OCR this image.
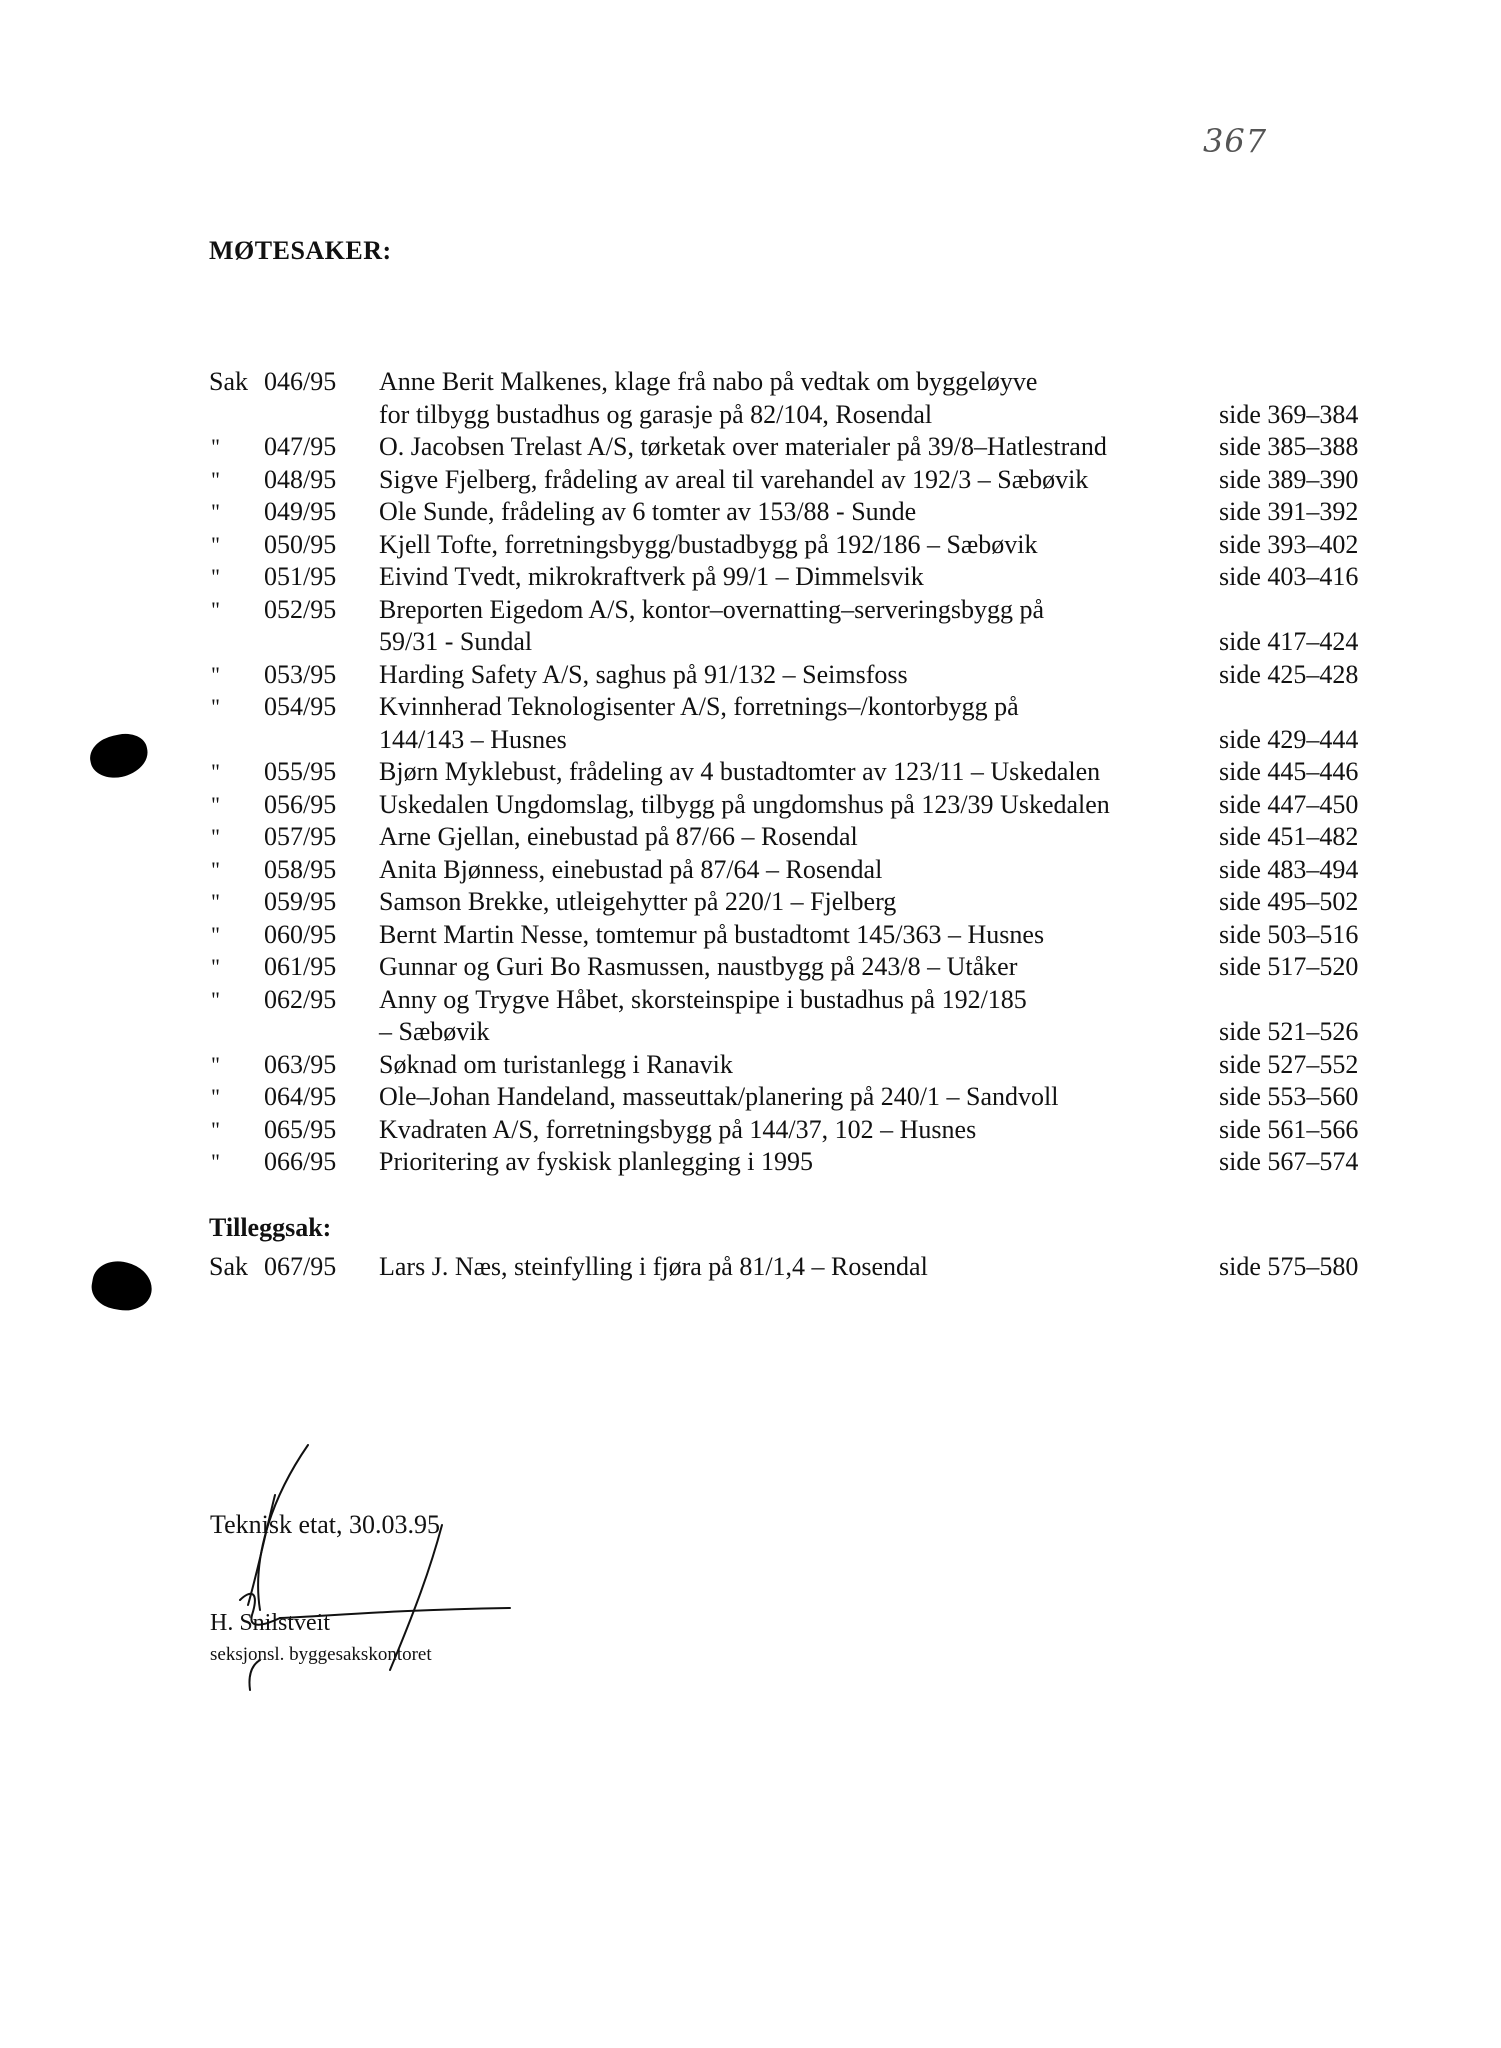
367
MØTESAKER:
Sak 046/95 Anne Berit Malkenes, klage frå nabo på vedtak om byggeløyve
for tilbygg bustadhus og garasje på 82/104, Rosendal	side 369–384
" 047/95 O. Jacobsen Trelast A/S, tørketak over materialer på 39/8–Hatlestrand	side 385–388
" 048/95 Sigve Fjelberg, frådeling av areal til varehandel av 192/3 – Sæbøvik	side 389–390
" 049/95 Ole Sunde, frådeling av 6 tomter av 153/88 - Sunde	side 391–392
" 050/95 Kjell Tofte, forretningsbygg/bustadbygg på 192/186 – Sæbøvik	side 393–402
" 051/95 Eivind Tvedt, mikrokraftverk på 99/1 – Dimmelsvik	side 403–416
" 052/95 Breporten Eigedom A/S, kontor–overnatting–serveringsbygg på
59/31 - Sundal	side 417–424
" 053/95 Harding Safety A/S, saghus på 91/132 – Seimsfoss	side 425–428
" 054/95 Kvinnherad Teknologisenter A/S, forretnings–/kontorbygg på
144/143 – Husnes	side 429–444
" 055/95 Bjørn Myklebust, frådeling av 4 bustadtomter av 123/11 – Uskedalen	side 445–446
" 056/95 Uskedalen Ungdomslag, tilbygg på ungdomshus på 123/39 Uskedalen	side 447–450
" 057/95 Arne Gjellan, einebustad på 87/66 – Rosendal	side 451–482
" 058/95 Anita Bjønness, einebustad på 87/64 – Rosendal	side 483–494
" 059/95 Samson Brekke, utleigehytter på 220/1 – Fjelberg	side 495–502
" 060/95 Bernt Martin Nesse, tomtemur på bustadtomt 145/363 – Husnes	side 503–516
" 061/95 Gunnar og Guri Bo Rasmussen, naustbygg på 243/8 – Utåker	side 517–520
" 062/95 Anny og Trygve Håbet, skorsteinspipe i bustadhus på 192/185
– Sæbøvik	side 521–526
" 063/95 Søknad om turistanlegg i Ranavik	side 527–552
" 064/95 Ole–Johan Handeland, masseuttak/planering på 240/1 – Sandvoll	side 553–560
" 065/95 Kvadraten A/S, forretningsbygg på 144/37, 102 – Husnes	side 561–566
" 066/95 Prioritering av fyskisk planlegging i 1995	side 567–574
Tilleggsak:
Sak 067/95 Lars J. Næs, steinfylling i fjøra på 81/1,4 – Rosendal	side 575–580
Teknisk etat, 30.03.95
H. Snilstveit
seksjonsl. byggesakskontoret
